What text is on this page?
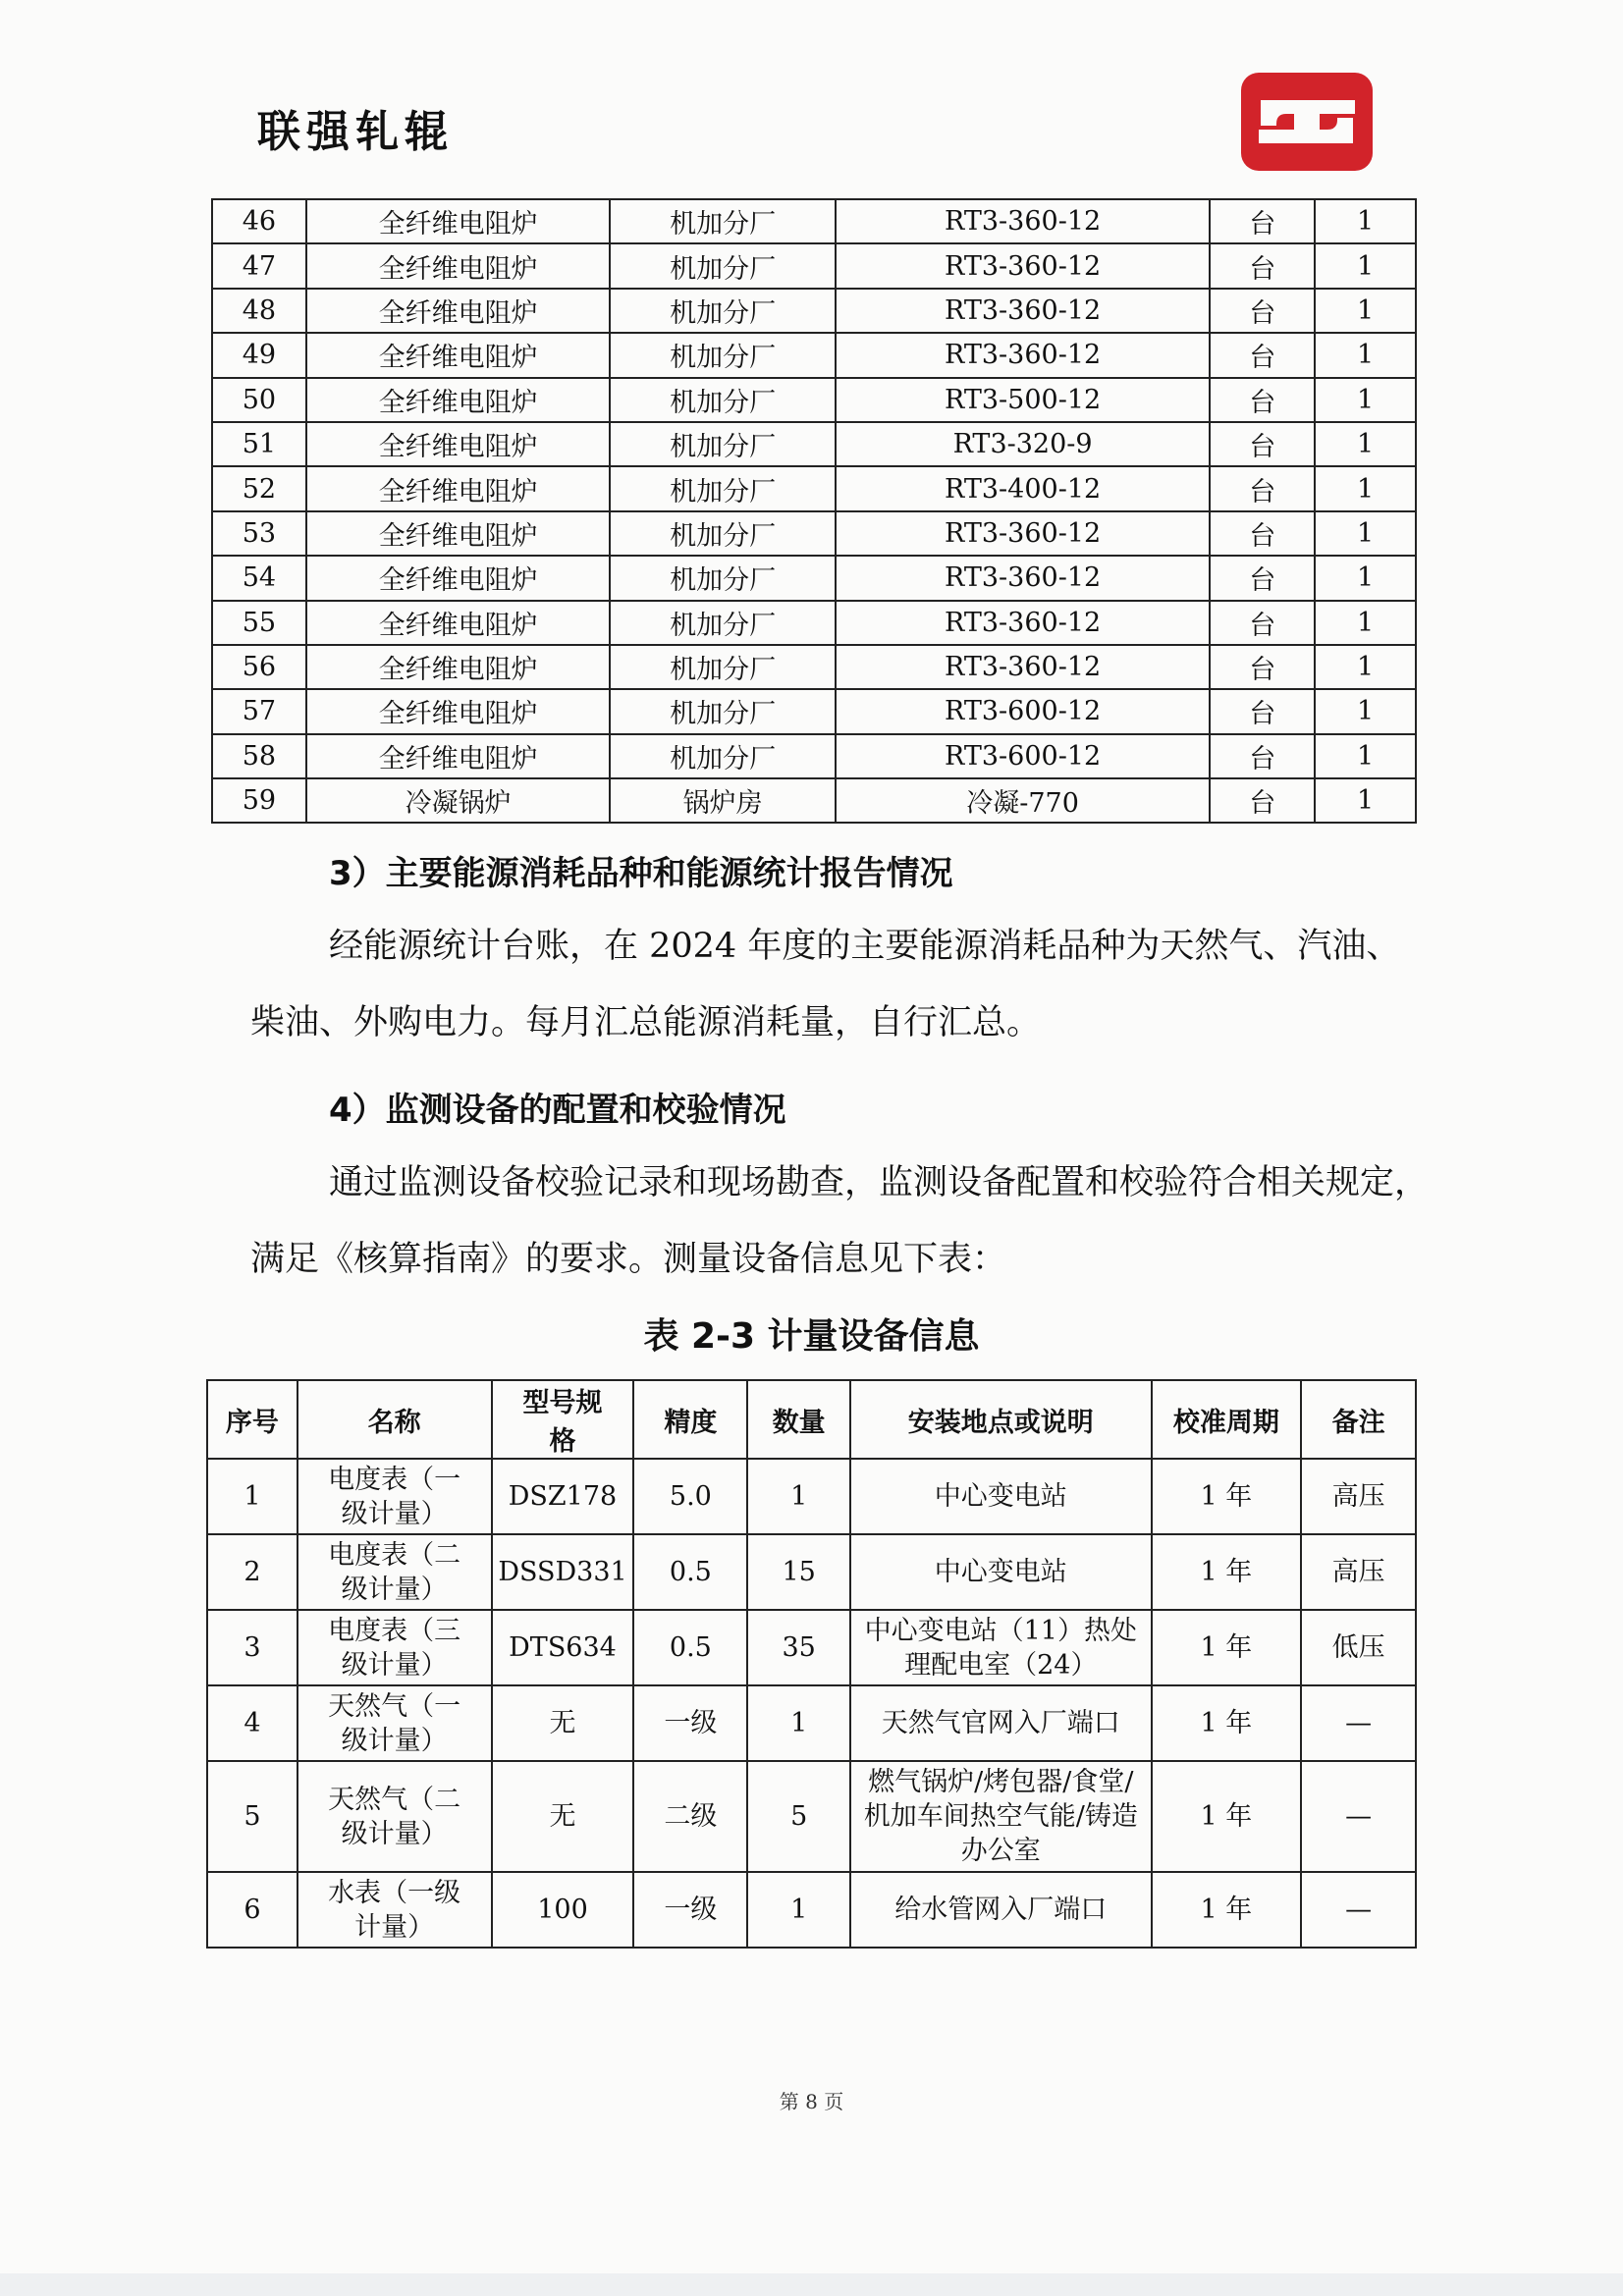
联强轧辊
46	全纤维电阻炉	机加分厂	RT3-360-12	台	1
47	全纤维电阻炉	机加分厂	RT3-360-12	台	1
48	全纤维电阻炉	机加分厂	RT3-360-12	台	1
49	全纤维电阻炉	机加分厂	RT3-360-12	台	1
50	全纤维电阻炉	机加分厂	RT3-500-12	台	1
51	全纤维电阻炉	机加分厂	RT3-320-9	台	1
52	全纤维电阻炉	机加分厂	RT3-400-12	台	1
53	全纤维电阻炉	机加分厂	RT3-360-12	台	1
54	全纤维电阻炉	机加分厂	RT3-360-12	台	1
55	全纤维电阻炉	机加分厂	RT3-360-12	台	1
56	全纤维电阻炉	机加分厂	RT3-360-12	台	1
57	全纤维电阻炉	机加分厂	RT3-600-12	台	1
58	全纤维电阻炉	机加分厂	RT3-600-12	台	1
59	冷凝锅炉	锅炉房	冷凝-770	台	1
3）主要能源消耗品种和能源统计报告情况
经能源统计台账，在 2024 年度的主要能源消耗品种为天然气、汽油、柴油、外购电力。每月汇总能源消耗量，自行汇总。
4）监测设备的配置和校验情况
通过监测设备校验记录和现场勘查，监测设备配置和校验符合相关规定，满足《核算指南》的要求。测量设备信息见下表：
表 2-3 计量设备信息
序号	名称	型号规格	精度	数量	安装地点或说明	校准周期	备注
1	电度表（一级计量）	DSZ178	5.0	1	中心变电站	1 年	高压
2	电度表（二级计量）	DSSD331	0.5	15	中心变电站	1 年	高压
3	电度表（三级计量）	DTS634	0.5	35	中心变电站（11）热处理配电室（24）	1 年	低压
4	天然气（一级计量）	无	一级	1	天然气官网入厂端口	1 年	—
5	天然气（二级计量）	无	二级	5	燃气锅炉/烤包器/食堂/机加车间热空气能/铸造办公室	1 年	—
6	水表（一级计量）	100	一级	1	给水管网入厂端口	1 年	—
第 8 页
